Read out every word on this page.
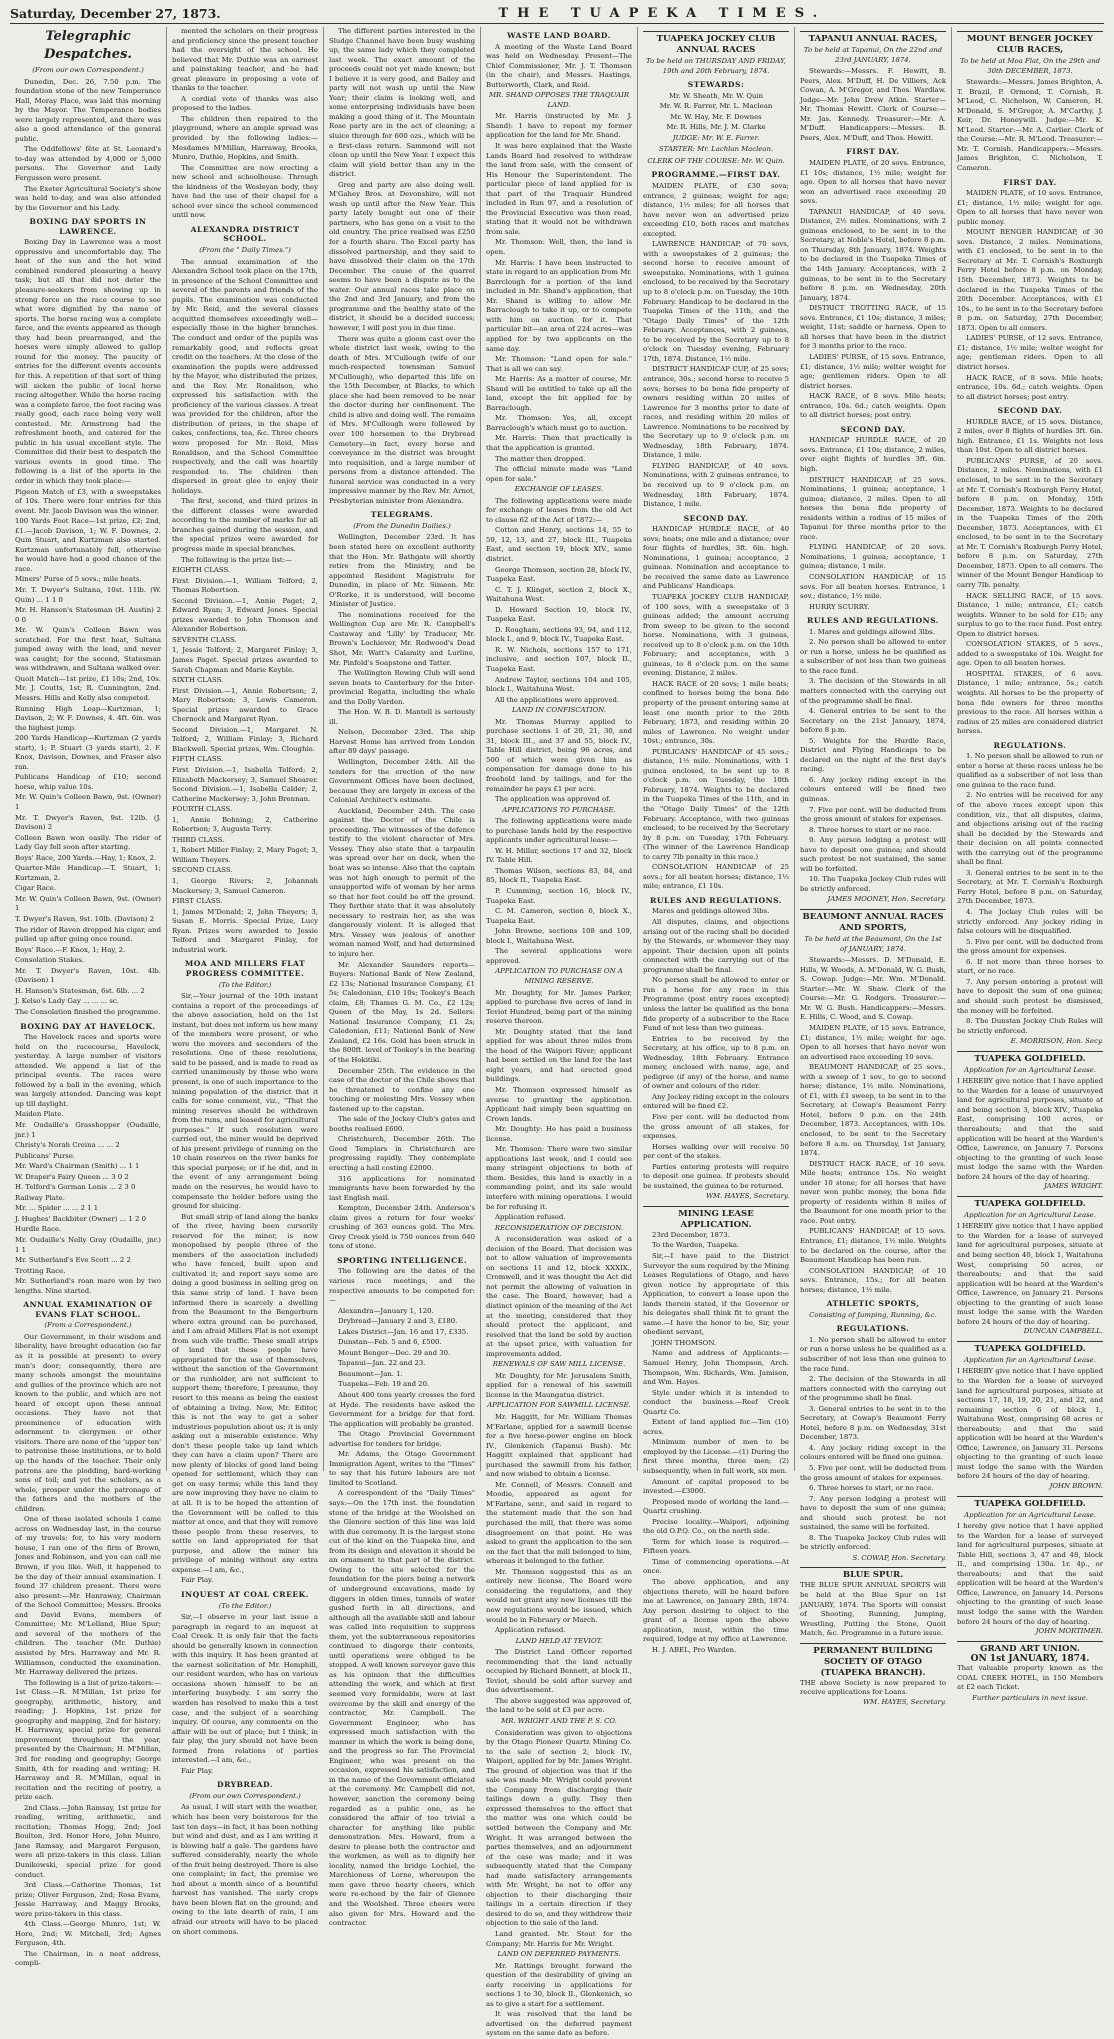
Saturday, December 27, 1873.	THE TUAPEKA TIMES.
Telegraphic Despatches.
(From our own Correspondent.)

Dunedin, Dec. 26, 7.50 p.m. The foundation stone of the new Temperance Hall, Moray Place, was laid this morning by the Mayor. The Temperance bodies were largely represented, and there was also a good attendance of the general public.

The Oddfellows' fête at St. Leonard's to-day was attended by 4,000 or 5,000 persons. The Governor and Lady Fergusson were present.

The Exeter Agricultural Society's show was held to-day, and was also attended by the Governor and his Lady.

BOXING DAY SPORTS IN LAWRENCE.

Boxing Day in Lawrence was a most oppressive and uncomfortable day. The heat of the sun and the hot wind combined rendered pleasuring a heavy task; but all that did not deter the pleasure-seekers from showing up in strong force on the race course to see what were dignified by the name of sports. The horse racing was a complete farce, and the events appeared as though they had been prearranged, and the horses were simply allowed to gallop round for the money. The paucity of entries for the different events accounts for this. A repetition of that sort of thing will sicken the public of local horse racing altogether. While the horse racing was a complete farce, the foot racing was really good, each race being very well contested. Mr. Armstrong had the refreshment booth, and catered for the public in his usual excellent style. The Committee did their best to despatch the various events in good time. The following is a list of the sports in the order in which they took place:—

Pigeon Match of £3, with a sweepstakes of 10s. There were four entries for this event. Mr. Jacob Davison was the winner.

100 Yards Foot Race—1st prize, £2; 2nd, £1.—Jacob Davison, 1; W. F. Downes, 2. Quin Stuart, and Kurtzman also started. Kurtzman unfortunately fell, otherwise he would have had a good chance of the race.

Miners' Purse of 5 sovs.; mile heats.

Mr. T. Dwyer's Sultana, 10st. 11lb. (W. Quin) ... 1 1 0

Mr. H. Hanson's Statesman (H. Austin) 2 0 0

Mr. W. Quin's Colleen Bawn was scratched. For the first heat, Sultana jumped away with the lead, and never was caught; for the second, Statesman was withdrawn, and Sultana walked over.

Quoit Match—1st prize, £1 10s; 2nd, 10s. Mr. J. Coutts, 1st; R. Cunnington, 2nd. Messrs. Hills and Kelly also competed.

Running High Leap—Kurtzman, 1; Davison, 2; W. F. Downes, 4. 4ft. 6in. was the highest jump.

200 Yards Handicap—Kurtzman (2 yards start), 1; P. Stuart (3 yards start), 2. F. Knox, Davison, Downes, and Fraser also ran.

Publicans Handicap of £10; second horse, whip value 10s.

Mr. W. Quin's Colleen Bawn, 9st. (Owner) 1

Mr. T. Dwyer's Raven, 9st. 12lb. (J. Davison) 2

Colleen Bawn won easily. The rider of Lady Gay fell soon after starting.

Boys' Race, 200 Yards.—Hay, 1; Knox, 2.

Quarter-Mile Handicap.—T. Stuart, 1; Kurtzman, 2.

Cigar Race.

Mr. W. Quin's Colleen Bawn, 9st. (Owner) 1

T. Dwyer's Raven, 9st. 10lb. (Davison) 2

The rider of Raven dropped his cigar, and pulled up after going once round.

Boys' Race.—F. Knox, 1; Hay, 2.

Consolation Stakes.

Mr. T. Dwyer's Raven, 10st. 4lb. (Davison) 1

H. Hanson's Statesman, 6st. 6lb. ... 2

J. Kelso's Lady Gay ... ... ... sc.

The Consolation finished the programme.

BOXING DAY AT HAVELOCK.

The Havelock races and sports were held on the racecourse, Havelock, yesterday. A large number of visitors attended. We append a list of the principal events. The races were followed by a ball in the evening, which was largely attended. Dancing was kept up till daylight.

Maiden Plate.

Mr. Oudaille's Grasshopper (Oudaille, jnr.) 1

Christy's Norah Creina ... ... 2

Publicans' Purse.

Mr. Ward's Chairman (Smith) ... 1 1

W. Draper's Fairy Queen ... 3 0 2

H. Telford's Gorman Lonis ... 2 3 0

Railway Plate.

Mr. ... Spider ... ... 2 1 1

J. Hughes' Backbiter (Owner) ... 1 2 0

Hurdle Race.

Mr. Oudaille's Nelly Gray (Oudaille, jnr.) 1 1

Mr. Sutherland's Eve Scott ... 2 2

Trotting Race.

Mr. Sutherland's roan mare won by two lengths. Nine started.

ANNUAL EXAMINATION OF EVANS FLAT SCHOOL.
(From a Correspondent.)

Our Government, in their wisdom and liberality, have brought education (so far as it is possible at present) to every man's door; consequently, there are many schools amongst the mountains and gullies of the province which are not known to the public, and which are not heard of except upon these annual occasions. They have not that preeminence of education with adornment to clergymen or other visitors. There are none of the 'upper ten' to patronise these institutions, or to hold up the hands of the teacher. Their only patrons are the plodding, hard-working sons of toil; and yet the scholars, as a whole, prosper under the patronage of the fathers and the mothers of the children.

One of these isolated schools I came across on Wednesday last, in the course of my travels; for, to his very modern house, I ran one of the firm of Brown, Jones and Robinson, and you can call me Brown, if you like. Well, it happened to be the day of their annual examination. I found 37 children present. There were also present:—Mr. Hanraway, Chairman of the School Committee; Messrs. Brooks and David Evans, members of Committee; Mr. M'Lelland, Blue Spur; and several of the mothers of the children. The teacher (Mr. Duthie) assisted by Mrs. Harraway and Mr. R. Williamson, conducted the examination. Mr. Harraway delivered the prizes.

The following is a list of prize-takers:—1st Class.—R. M'Millan, 1st prize for geography, arithmetic, history, and reading; J. Hopkins, 1st prize for geography and mapping, 2nd for history; H. Harraway, special prize for general improvement throughout the year, presented by the Chairman; H. M'Millan, 3rd for reading and geography; George Smith, 4th for reading and writing; H. Harraway and R. M'Millan, equal in recitation and the reciting of poetry, a prize each.

2nd Class.—John Ramsay, 1st prize for reading, writing, arithmetic, and recitation; Thomas Hogg, 2nd; Joel Boulton, 3rd. Honor Hore, John Munro, Jane Ramsay, and Margaret Ferguson, were all prize-takers in this class. Lilian Dunikowski, special prize for good conduct.

3rd Class.—Catherine Thomas, 1st prize; Oliver Ferguson, 2nd; Rosa Evans, Jessie Harraway, and Maggy Brooks, were prize-takers in this class.

4th Class.—George Munro, 1st; W. Hore, 2nd; W. Mitchell, 3rd; Agnes Ferguson, 4th.

The Chairman, in a neat address, compli-

mented the scholars on their progress and proficiency since the present teacher had the oversight of the school. He believed that Mr. Duthie was an earnest and painstaking teacher, and he had great pleasure in proposing a vote of thanks to the teacher.

A cordial vote of thanks was also proposed to the ladies.

The children then repaired to the playground, where an ample spread was provided by the following ladies:—Mesdames M'Millan, Harraway, Brooks, Munro, Duthie, Hopkins, and Smith.

The Committee are now erecting a new school and schoolhouse. Through the kindness of the Wesleyan body, they have had the use of their chapel for a school ever since the school commenced until now.

ALEXANDRA DISTRICT SCHOOL.
(From the " Daily Times.")

The annual examination of the Alexandra School took place on the 17th, in presence of the School Committee and several of the parents and friends of the pupils. The examination was conducted by Mr. Reid, and the several classes acquitted themselves exceedingly well—especially those in the higher branches. The conduct and order of the pupils was remarkably good, and reflects great credit on the teachers. At the close of the examination the pupils were addressed by the Mayor, who distributed the prizes, and the Rev. Mr. Ronaldson, who expressed his satisfaction with the proficiency of the various classes. A treat was provided for the children, after the distribution of prizes, in the shape of cakes, confections, tea, &c. Three cheers were proposed for Mr. Reid, Miss Ronaldson, and the School Committee respectively, and the call was heartily responded to. The children then dispersed in great glee to enjoy their holidays.

The first, second, and third prizes in the different classes were awarded according to the number of marks for all branches gained during the session, and the special prizes were awarded for progress made in special branches.

The following is the prize list:—

EIGHTH CLASS.

First Division.—1, William Telford; 2, Thomas Robertson.

Second Division.—1, Annie Paget; 2, Edward Ryan; 3, Edward Jones. Special prizes awarded to John Thomson and Alexander Robertson.

SEVENTH CLASS.

1, Jessie Telford; 2, Margaret Finlay; 3, James Paget. Special prizes awarded to Sarah Chapman and Marie Keyble.

SIXTH CLASS.

First Division.—1, Annie Robertson; 2, Mary Robertson; 3, Lewis Cameron. Special prizes awarded to Grace Chernock and Margaret Ryan.

Second Division.—1, Margaret N. Telford; 2, William Finlay; 3, Richard Blackwell. Special prizes, Wm. Cloughie.

FIFTH CLASS.

First Division.—1, Isabella Telford; 2, Elizabeth Mackersey; 3, Samuel Shearer. Second Division.—1, Isabella Calder; 2, Catherine Mackersey; 3, John Brennan.

FOURTH CLASS.

1, Annie Bohning; 2, Catherine Robertson; 3, Augusta Terry.

THIRD CLASS.

1, Robert Miller Finlay; 2, Mary Paget; 3, William Theyers.

SECOND CLASS.

1, George Rivers; 2, Johannah Mackersey; 3, Samuel Cameron.

FIRST CLASS.

1, James M'Donald; 2, John Theyers; 3, Susan E. Morris. Special Prize, Lucy Ryan. Prizes were awarded to Jessie Telford and Margaret Finlay, for industrial work.

MOA AND MILLERS FLAT PROGRESS COMMITTEE.
(To the Editor.)

Sir,—Your journal of the 10th instant contains a report of the proceedings of the above association, held on the 1st instant, but does not inform us how many of the members were present, or who were the movers and seconders of the resolutions. One of these resolutions, said to be passed, and is made to read as carried unanimously by those who were present, is one of such importance to the mining population of the district that it calls for some comment, viz., "That the mining reserves should be withdrawn from the runs, and leased for agricultural purposes." If such resolution were carried out, the miner would be deprived of his present privilege of running on the 10 chain reserves on the river banks for this special purpose; or if he did, and in the event of any arrangement being made on the reserves, he would have to compensate the holder before using the ground for sluicing.

But small strip of land along the banks of the river, having been cursorily reserved for the miner, is now monopolised by people (three of the members of the association included) who have fenced, built upon and cultivated it; and report says some are doing a good business in selling grog on this same strip of land. I have been informed there is scarcely a dwelling from the Beaumont to the Bengerburn where extra ground can be purchased, and I am afraid Millers Flat is not exempt from such vile traffic. These small strips of land that these people have appropriated for the use of themselves, without the sanction of the Government or the runholder, are not sufficient to support them; therefore, I presume, they resort to this means as being the easiest of obtaining a living. Now, Mr. Editor, this is not the way to get a sober industrious population about us; it is only asking out a miserable existence. Why don't these people take up land which they can have a claim upon? There are now plenty of blocks of good land being opened for settlement, which they can get on easy terms; while this land they are now improving they have no claim to at all. It is to be hoped the attention of the Government will be called to this matter at once, and that they will remove these people from these reserves, to settle on land appropriated for that purpose, and allow the miner his privilege of mining without any extra expense.—I am, &c.,

Fair Play.

INQUEST AT COAL CREEK.
(To the Editor.)

Sir,—I observe in your last issue a paragraph in regard to an inquest at Coal Creek. It is only fair that the facts should be generally known in connection with this inquiry. It has been granted at the earnest solicitation of Mr. Hemphill, our resident warden, who has on various occasions shown himself to be an interfering busybody. I am sorry the warden has resolved to make this a test case, and the subject of a searching inquiry. Of course, any comments on the affair will be out of place; but I think, in fair play, the jury should not have been formed from relations of parties interested.—I am, &c.,

Fair Play.

DRYBREAD.
(From our own Correspondent.)

As usual, I will start with the weather, which has been very boisterous for the last ten days—in fact, it has been nothing but wind and dust, and as I am writing it is blowing half a gale. The gardens have suffered considerably, nearly the whole of the fruit being destroyed. There is also one complaint; in fact, the premise we had about a month since of a bountiful harvest has vanished. The early crops have been blown flat on the ground; and owing to the late dearth of rain, I am afraid our streets will have to be placed on short commons.

The different parties interested in the Sludge Channel have been busy washing up, the same lady which they completed last week. The exact amount of the proceeds could not yet made known; but I believe it is very good, and Bailey and party will not wash up until the New Year; their claim is looking well, and some enterprising individuals have been making a good thing of it. The Mountain Rose party are in the act of cleaning; a sluice through for 600 ozs., which will be a first-class return. Sammond will not clean up until the New Year. I expect this claim will yield better than any in the district.

Greg and party are also doing well. M'Gahey Bros. at Devonshire, will not wash up until after the New Year. This party lately bought out one of their partners, who has gone on a visit to the old country. The price realised was £250 for a fourth share. The Excel party has dissolved partnership, and they said to have dissolved their claim on the 17th December. The cause of the quarrel seems to have been a dispute as to the water. Our annual races take place on the 2nd and 3rd January, and from the programme and the healthy state of the district, it should be a decided success; however, I will post you in due time.

There was quite a gloom cast over the whole district last week, owing to the death of Mrs. M'Cullough (wife of our much-respected townsman Samuel M'Cullough), who departed this life on the 15th December, at Blacks, to which place she had been removed to be near the doctor during her confinement. The child is alive and doing well. The remains of Mrs. M'Cullough were followed by over 100 horsemen to the Drybread Cemetery—in fact, every horse and conveyance in the district was brought into requisition, and a large number of persons from a distance attended. The funeral service was conducted in a very impressive manner by the Rev. Mr. Arnot, Presbyterian minister from Alexandra.

TELEGRAMS.
(From the Dunedin Dailies.)

Wellington, December 23rd. It has been stated here on excellent authority that the Hon. Mr. Bathgate will shortly retire from the Ministry, and be appointed Resident Magistrate for Dunedin, in place of Mr. Simeon. Mr. O'Rorke, it is understood, will become Minister of Justice.

The nominations received for the Wellington Cup are Mr. R. Campbell's Castaway and 'Lilly' by Traducer, Mr. Brown's Lochiever, Mr. Redwood's Dead Shot, Mr. Watt's Calamity and Lurline, Mr. Pinfold's Soapstone and Tatter.

The Wellington Rowing Club will send seven boats to Canterbury for the Inter-provincial Regatta, including the whale and the Dolly Varden.

The Hon. W. B. D. Mantell is seriously ill.

Nelson, December 23rd. The ship Harvest Home has arrived from London after 89 days' passage.

Wellington, December 24th. All the tenders for the erection of the new Government Offices have been declined, because they are largely in excess of the Colonial Architect's estimate.

Auckland, December 24th. The case against the Doctor of the Chile is proceeding. The witnesses of the defence testify to the violent character of Mrs. Vessey. They also state that a tarpaulin was spread over her on deck, when the boat was so intense. Also that the captain was not high enough to permit of the unsupported wife of woman by her arms so that her feet could be off the ground. They further state that it was absolutely necessary to restrain her, as she was dangerously violent. It is alleged that Mrs. Vessey was jealous of another woman named Wolf, and had determined to injure her.

Mr. Alexander Saunders reports—Buyers: National Bank of New Zealand, £2 13s; National Insurance Company, £1 5s; Caledonian, £10 10s; Tookey's Beach claim, £8; Thames G. M. Co., £2 12s; Queen of the May, 1s 2d. Sellers: National Insurance Company, £1 2s; Caledonian, £11; National Bank of New Zealand, £2 16s. Gold has been struck in the 800ft. level of Tookey's in the bearing of the Hokitiki.

December 25th. The evidence in the case of the doctor of the Chile shows that he threatened to confine any one touching or molesting Mrs. Vessey when fastened up to the capstan.

The sale of the Jockey Club's gates and booths realised £600.

Christchurch, December 26th. The Good Templars in Christchurch are progressing rapidly. They contemplate erecting a hall costing £2000.

316 applications for nominated immigrants have been forwarded by the last English mail.

Kempton, December 24th. Anderson's claim gives a return for four weeks' crushing of 363 ounces gold. The Mrs. Grey Creek yield is 750 ounces from 640 tons of stone.

SPORTING INTELLIGENCE.

The following are the dates of the various race meetings, and the respective amounts to be competed for:—

Alexandra—January 1, 120.

Drybread—January 2 and 3, £180.

Lakes District—Jan. 16 and 17, £335.

Dunstan—Feb. 5 and 6, £500.

Mount Benger—Dec. 29 and 30.

Tapanui—Jan. 22 and 23.

Beaumont—Jan. 1.

Tuapeka—Feb. 19 and 20.

About 400 tons yearly crosses the ford at Hyde. The residents have asked the Government for a bridge for that ford. The application will probably be granted.

The Otago Provincial Government advertise for tenders for bridge.

Mr. Adams, the Otago Government Immigration Agent, writes to the "Times" to say that his future labours are not limited to Scotland.

A correspondent of the "Daily Times" says:—On the 17th inst. the foundation stone of the bridge at the Woolshed on the Glenore section of this line was laid with due ceremony. It is the largest stone cut of the kind on the Tuapeka line, and from its design and elevation it should be an ornament to that part of the district. Owing to the site selected for the foundation for the piers being a network of underground excavations, made by diggers in olden times, tunnels of water gushed forth in all directions, and although all the available skill and labour was called into requisition to suppress them, yet the subterraneous repositories continued to disgorge their contents, until operations were obliged to be stopped. A well known surveyor gave this as his opinion that the difficulties attending the work, and which at first seemed very formidable, were at last overcome by the skill and energy of the contractor, Mr. Campbell. The Government Engineer, who has expressed much satisfaction with the manner in which the work is being done, and the progress so far. The Provincial Engineer, who was present on the occasion, expressed his satisfaction, and in the name of the Government officiated at the ceremony. Mr. Campbell did not, however, sanction the ceremony being regarded as a public one, as he considered the affair of too trivial a character for anything like public demonstration. Mrs. Howard, from a desire to please both the contractor and the workmen, as well as to dignify her locality, named the bridge Lochiel, the Marchioness of Lorne, whereupon the men gave three hearty cheers, which were re-echoed by the fair of Glenore and the Woolshed. Three cheers were also given for Mrs. Howard and the contractor.

WASTE LAND BOARD.

A meeting of the Waste Land Board was held on Wednesday. Present—The Chief Commissioner, Mr. J. T. Thomson (in the chair), and Messrs. Hastings, Butterworth, Clark, and Reid.

MR. SHAND OPPOSES THE TRAQUAIR LAND.

Mr. Harris (instructed by Mr. J. Shand): I have to repeat my former application for the land for Mr. Shand.

It was here explained that the Waste Lands Board had resolved to withdraw the land from sale, with the consent of His Honour the Superintendent. The particular piece of land applied for is that part of the Traquair Hundred included in Run 97, and a resolution of the Provincial Executive was then read, stating that it would not be withdrawn from sale.

Mr. Thomson: Well, then, the land is open.

Mr. Harris: I have been instructed to state in regard to an application from Mr. Barrclough for a portion of the land included in Mr. Shand's application, that Mr. Shand is willing to allow Mr. Barraclough to take it up, or to compete with him on auction for it. That particular bit—an area of 224 acres—was applied for by two applicants on the same day.

Mr. Thomson: "Land open for sale." That is all we can say.

Mr. Harris: As a matter of course, Mr. Shand will be entitled to take up all the land, except the bit applied for by Barraclough.

Mr. Thomson: Yes, all, except Barraclough's which must go to auction.

Mr. Harris: Then that practically is that the application is granted.

The matter then dropped.

The official minute made was "Land open for sale."

EXCHANGE OF LEASES.

The following applications were made for exchange of leases from the old Act to clause 62 of the Act of 1872:—

Cotton and Henry, sections 14, 55 to 59, 12, 13, and 27, block III., Tuapeka East, and section 19, block XIV., same district.

George Thomson, section 28, block IV., Tuapeka East.

C. T. J. Klinget, section 2, block X., Waitahuna West.

D. Howard Section 10, block IV., Tuapeka East.

D. Rougham, sections 93, 94, and 112, block I., and 9, block IV., Tuapeka East.

R. W. Nichols, sections 157 to 171, inclusive, and section 107, block II., Tuapeka East.

Andrew Taylor, sections 104 and 105, block I., Waitahuna West.

All the applications were approved.

LAND IN CONFISCATION.

Mr. Thomas Murray applied to purchase sections 1 of 20, 21, 30, and 31, block III., and 37 and 55, block IV., Table Hill district, being 96 acres, and 500 of which were given him as compensation for damage done to his freehold land by tailings, and for the remainder he pays £1 per acre.

The application was approved of.

APPLICATIONS TO PURCHASE.

The following applications were made to purchase lands held by the respective applicants under agricultural lease:—

W. H. Millar, sections 17 and 32, block IV. Table Hill.

Thomas Wilson, sections 83, 84, and 85, block II., Tuapeka East.

P. Cumming, section 16, block IV., Tuapeka East.

C. M. Cameron, section 6, block X., Tuapeka East.

John Browne, sections 108 and 109, block I., Waitahuna West.

The several applications were approved.

APPLICATION TO PURCHASE ON A MINING RESERVE.

Mr. Doughty, for Mr. James Parker, applied to purchase five acres of land in Teviot Hundred, being part of the mining reserve thereon.

Mr. Doughty stated that the land applied for was about three miles from the head of the Waipori River; applicant had been settled on the land for the last eight years, and had erected good buildings.

Mr. Thomson expressed himself as averse to granting the application. Applicant had simply been squatting on Crown lands.

Mr. Doughty: He has paid a business license.

Mr. Thomson: There were two similar applications last week, and I could see many stringent objections to both of them. Besides, this land is exactly in a commanding point, and its sale would interfere with mining operations. I would be for refusing it.

Application refused.

RECONSIDERATION OF DECISION.

A reconsideration was asked of a decision of the Board. That decision was not to allow valuation of improvements on sections 11 and 12, block XXXIX., Cromwell, and it was thought the Act did not permit the allowing of valuation in the case. The Board, however, had a distinct opinion of the meaning of the Act at the meeting, considered that they should protect the applicant, and resolved that the land be sold by auction at the upset price, with valuation for improvements added.

RENEWALS OF SAW MILL LICENSE.

Mr. Doughty, for Mr. Jerusalem Smith, applied for a renewal of his sawmill license in the Maungatua district.

APPLICATION FOR SAWMILL LICENSE.

Mr. Haggitt, for Mr. William Thomas M'Farlane, applied for a sawmill license for a five horse-power engine on block IV., Glenkenich (Tapanui Bush). Mr. Haggitt explained that applicant had purchased the sawmill from his father, and now wished to obtain a license.

Mr. Connell, of Messrs. Connell and Moodie, appeared as agent for M'Farlane, senr., and said in regard to the statement made that the son had purchased the mill, that there was some disagreement on that point. He was asked to grant the application to the son on the fact that the mill belonged to him, whereas it belonged to the father.

Mr. Thomson suggested this as an entirely new license. The Board were considering the regulations, and they would not grant any new licenses till the new regulations would be issued, which would be in February or March.

Application refused.

LAND HELD AT TEVIOT.

The District Land Officer reported recommending that the land actually occupied by Richard Bennett, at block II., Teviot, should be sold after survey and due advertisement.

The above suggested was approved of, the land to be sold at £3 per acre.

MR. WRIGHT AND THE P. S. CO.

Consideration was given to objections by the Otago Pioneer Quartz Mining Co. to the sale of section 2, block IV., Waipori, applied for by Mr. James Wright. The ground of objection was that if the sale was made Mr. Wright could prevent the Company from discharging their tailings down a gully. They then expressed themselves to the effect that the matter was one which could be settled between the Company and Mr. Wright. It was arranged between the parties themselves, and an adjournment of the case was made; and it was subsequently stated that the Company had made satisfactory arrangements with Mr. Wright, he not to offer any objection to their discharging their tailings in a certain direction if they desired to do so, and they withdrew their objection to the sale of the land.

Land granted. Mr. Stout for the Company; Mr. Harris for Mr. Wright.

LAND ON DEFERRED PAYMENTS.

Mr. Rattings brought forward the question of the desirability of giving an early receiving in applications for sections 1 to 30, block II., Glenkenich, so as to give a start for a settlement.

It was resolved that the land be advertised on the deferred payment system on the same date as before.

TUAPEKA JOCKEY CLUB ANNUAL RACES
To be held on THURSDAY AND FRIDAY, 19th and 20th February, 1874.
STEWARDS:

Mr. W. Sheath, Mr. W. Quin

Mr. W. R. Farrer, Mr. L. Maclean

Mr. W. Hay, Mr. F. Downes

Mr. R. Hills, Mr. J. M. Clarke

JUDGE: Mr. W. E. Farrer.
STARTER: Mr. Lachlan Maclean.
CLERK OF THE COURSE: Mr. W. Quin.
PROGRAMME.—FIRST DAY.

MAIDEN PLATE, of £30 sova; entrance, 2 guineas; weight for age; distance, 1½ miles; for all horses that have never won an advertised prize exceeding £10, both races and matches excepted.

LAWRENCE HANDICAP, of 70 sovs, with a sweepstakes of 2 guineas; the second horse to receive amount of sweepstake. Nominations, with 1 guinea enclosed, to be received by the Secretary up to 8 o'clock p.m. on Tuesday, the 10th February. Handicap to be declared in the Tuapeka Times of the 11th, and the "Otago Daily Times" of the 12th February. Acceptances, with 2 guineas, to be received by the Secretary up to 8 o'clock on Tuesday evening, February 17th, 1874. Distance, 1½ mile.

DISTRICT HANDICAP CUP, of 25 sovs; entrance, 30s.; second horse to receive 5 sovs; horses to be bona fide property of owners residing within 20 miles of Lawrence for 3 months prior to date of races, and residing within 20 miles of Lawrence. Nominations to be received by the Secretary up to 9 o'clock p.m. on Wednesday, 18th February, 1874. Distance, 1 mile.

FLYING HANDICAP, of 40 sovs. Nominations, with 2 guineas entrance, to be received up to 9 o'clock p.m. on Wednesday, 18th February, 1874. Distance, 1 mile.

SECOND DAY.

HANDICAP HURDLE RACE, of 40 sovs; heats; one mile and a distance; over four flights of hurdles, 3ft. 6in. high. Nominations, 1 guinea; acceptance, 2 guineas. Nomination and acceptance to be received the same date as Lawrence and Publicans' Handicaps.

TUAPEKA JOCKEY CLUB HANDICAP, of 100 sovs, with a sweepstake of 3 guineas added; the amount accruing from sweep to be given to the second horse. Nominations, with 3 guineas, received up to 8 o'clock p.m. on the 10th February; and acceptance, with 3 guineas, to 8 o'clock p.m. on the same evening. Distance, 2 miles.

HACK RACE of 20 sovs; 1 mile heats; confined to horses being the bona fide property of the present entering same at least one month prior to the 20th February, 1873, and residing within 20 miles of Lawrence. No weight under 10st.; entrance, 30s.

PUBLICANS' HANDICAP of 45 sovs.; distance, 1½ mile. Nominations, with 1 guinea enclosed, to be sent up to 8 o'clock p.m. on Tuesday, the 10th February, 1874. Weights to be declared in the Tuapeka Times of the 11th, and in the "Otago Daily Times" of the 12th February. Acceptance, with two guineas enclosed, to be received by the Secretary by 8 p.m. on Tuesday, 17th February. (The winner of the Lawrence Handicap to carry 7lb penalty in this race.)

CONSOLATION HANDICAP of 25 sovs.; for all beaten horses; distance, 1½ mile; entrance, £1 10s.

RULES AND REGULATIONS.

Mares and geldings allowed 3lbs.

All disputes, claims, and objections arising out of the racing shall be decided by the Stewards, or whomever they may appoint. Their decision upon all points connected with the carrying out of the programme shall be final.

No person shall be allowed to enter or run a horse for any race in this Programme (post entry races excepted) unless the latter be qualified as the bona fide property of a subscriber to the Race Fund of not less than two guineas.

Entries to be received by the Secretary, at his office, up to 8 p.m. on Wednesday, 18th February. Entrance money, enclosed with name, age, and pedigree (if any) of the horse, and name of owner and colours of the rider.

Any Jockey riding except in the colours entered will be fined £2.

Five per cent. will be deducted from the gross amount of all stakes, for expenses.

Horses walking over will receive 50 per cent of the stakes.

Parties entering protests will require to deposit one guinea. If protests should be sustained, the guinea to be returned.

WM. HAYES, Secretary.
MINING LEASE APPLICATION.

23rd December, 1873.

To the Warden, Tuapeka.

Sir,—I have paid to the District Surveyor the sum required by the Mining Leases Regulations of Otago, and have given notice by appropriate of this Application, to convert a lease upon the lands therein stated, if the Governor or his delegates shall think fit to grant the same.—I have the honor to be, Sir, your obedient servant,

JOHN THOMSON.

Name and address of Applicants:—Samuel Henry, John Thompson, Arch. Thompson, Wm. Richards, Wm. Jamison, and Wm. Hayes.

Style under which it is intended to conduct the business.—Reef Creek Quartz Co.

Extent of land applied for.—Ten (10) acres.

Minimum number of men to be employed by the License.—(1) During the first three months, three men; (2) subsequently, when in full work, six men.

Amount of capital proposed to be invested.—£3000.

Proposed mode of working the land.—Quartz crushing.

Precise locality.—Waipori, adjoining the old O.P.Q. Co., on the north side.

Term for which lease is required.—Fifteen years.

Time of commencing operations.—At once.

The above application, and any objections thereto, will be heard before me at Lawrence, on January 28th, 1874. Any person desiring to object to the grant of a license upon the above application, must, within the time required, lodge at my office at Lawrence.

H. J. ABEL, Pro Warden.

TAPANUI ANNUAL RACES,
To be held at Tapanui, On the 22nd and 23rd JANUARY, 1874.

Stewards:—Messrs. F. Hewitt, B. Peers, Alex. M'Duff, H. De Villiers, Ack Cowan, A. M'Gregor, and Thos. Wardlaw. Judge—Mr. John Drew Atkin. Starter—Mr. Thomas Hewitt. Clerk of Course:—Mr. Jas. Kennedy. Treasurer:—Mr. A. M'Duff. Handicappers:—Messrs. B. Peers, Alex. M'Duff, and Thos. Hewitt.

FIRST DAY.

MAIDEN PLATE, of 20 sovs. Entrance, £1 10s; distance, 1½ mile; weight for age. Open to all horses that have never won an advertised race exceeding 20 sovs.

TAPANUI HANDICAP, of 40 sovs. Distance, 2½ miles. Nominations, with 2 guineas enclosed, to be sent in to the Secretary, at Noble's Hotel, before 8 p.m. on Thursday, 8th January, 1874. Weights to be declared in the Tuapeka Times of the 14th January. Acceptances, with 2 guineas, to be sent in to the Secretary before 8 p.m. on Wednesday, 20th January, 1874.

DISTRICT TROTTING RACE, of 15 sovs. Entrance, £1 10s; distance, 3 miles; weight, 11st; saddle or harness. Open to all horses that have been in the district for 3 months prior to the race.

LADIES' PURSE, of 15 sovs. Entrance, £1; distance, 1½ mile; welter weight for age; gentlemen riders. Open to all district horses.

HACK RACE, of 8 sovs. Mile heats; entrance, 10s. 6d.; catch weights. Open to all district horses; post entry.

SECOND DAY.

HANDICAP HURDLE RACE, of 20 sovs. Entrance, £1 10s; distance, 2 miles, over eight flights of hurdles 3ft. 6in. high.

DISTRICT HANDICAP, of 25 sovs. Nominations, 1 guinea; acceptance, 1 guinea; distance, 2 miles. Open to all horses the bona fide property of residents within a radius of 15 miles of Tapanui for three months prior to the race.

FLYING HANDICAP, of 20 sovs. Nominations, 1 guinea; acceptance, 1 guinea; distance, 1 mile.

CONSOLATION HANDICAP, of 15 sovs. For all beaten horses. Entrance, 1 sov.; distance, 1½ mile.

HURRY SCURRY.

RULES AND REGULATIONS.

1. Mares and geldings allowed 3lbs.

2. No person shall be allowed to enter or run a horse, unless he be qualified as a subscriber of not less than two guineas to the race fund.

3. The decision of the Stewards in all matters connected with the carrying out of the programme shall be final.

4. General entries to be sent to the Secretary on the 21st January, 1874, before 8 p.m.

5. Weights for the Hurdle Race, District and Flying Handicaps to be declared on the night of the first day's racing.

6. Any jockey riding except in the colours entered will be fined two guineas.

7. Five per cent. will be deducted from the gross amount of stakes for expenses.

8. Three horses to start or no race.

9. Any person lodging a protest will have to deposit one guinea; and should such protest be not sustained, the same will be forfeited.

10. The Tuapeka Jockey Club rules will be strictly enforced.

JAMES MOONEY, Hon. Secretary.
BEAUMONT ANNUAL RACES AND SPORTS,
To be held at the Beaumont, On the 1st of JANUARY, 1874.

Stewards:—Messrs. D. M'Donald, E. Hills, W. Woods, A. M'Donald, W. G. Bush, S. Cowap. Judge:—Mr. Wm. M'Donald. Starter:—Mr. W. Shaw. Clerk of the Course:—Mr. G. Rodgers. Treasurer:—Mr. W. G. Bush. Handicappers:—Messrs. E. Hills, C. Wood, and S. Cowap.

MAIDEN PLATE, of 15 sovs. Entrance, £1; distance, 1½ mile; weight for age. Open to all horses that have never won an advertised race exceeding 10 sovs.

BEAUMONT HANDICAP, of 25 sovs., with a sweep of 1 sov., to go to second horse; distance, 1½ mile. Nominations, of £1, with £1 sweep, to be sent in to the Secretary, at Cowap's Beaumont Ferry Hotel, before 9 p.m. on the 24th December, 1873. Acceptances, with 10s. enclosed, to be sent to the Secretary before 8 a.m. on Thursday, 1st January, 1874.

DISTRICT HACK RACE, of 10 sovs. Mile heats; entrance 15s. No weight under 10 stone; for all horses that have never won public money, the bona fide property of residents within 8 miles of the Beaumont for one month prior to the race. Post entry.

PUBLICANS' HANDICAP, of 15 sovs. Entrance, £1; distance, 1½ mile. Weights to be declared on the course, after the Beaumont Handicap has been run.

CONSOLATION HANDICAP, of 10 sovs. Entrance, 15s.; for all beaten horses; distance, 1½ mile.

ATHLETIC SPORTS,
Consisting of Jumping, Running, &c.
REGULATIONS.

1. No person shall be allowed to enter or run a horse unless he be qualified as a subscriber of not less than one guinea to the race fund.

2. The decision of the Stewards in all matters connected with the carrying out of the programme shall be final.

3. General entries to be sent in to the Secretary, at Cowap's Beaumont Ferry Hotel, before 8 p.m. on Wednesday, 31st December, 1873.

4. Any jockey riding except in the colours entered will be fined one guinea.

5. Five per cent. will be deducted from the gross amount of stakes for expenses.

6. Three horses to start, or no race.

7. Any person lodging a protest will have to deposit the sum of one guinea; and should such protest be not sustained, the same will be forfeited.

8. The Tuapeka Jockey Club rules will be strictly enforced.

S. COWAP, Hon. Secretary.
BLUE SPUR.
THE BLUE SPUR ANNUAL SPORTS will be held at the Blue Spur on 1st JANUARY, 1874. The Sports will consist of Shooting, Running, Jumping, Wrestling, Putting the Stone, Quoit Match, &c. Programme in a future issue.
PERMANENT BUILDING SOCIETY OF OTAGO (TUAPEKA BRANCH).
THE above Society is now prepared to receive applications for Loans.
WM. HAYES, Secretary.
MOUNT BENGER JOCKEY CLUB RACES,
To be held at Moa Flat, On the 29th and 30th DECEMBER, 1873.

Stewards:—Messrs. James Brighton, A. T. Brazil, P. Ormond, T. Cornish, R. M'Leod, C. Nicholson, W. Cameron, H. M'Donald, S. M'Gregor, A. M'Carthy, J. Keir, Dr. Honeywill. Judge:—Mr. K. M'Leod. Starter:—Mr. A. Carlier. Clerk of the Course:—Mr. R. M'Leod. Treasurer:—Mr. T. Cornish. Handicappers:—Messrs. James Brighton, C. Nicholson, T. Cameron.

FIRST DAY.

MAIDEN PLATE, of 10 sovs. Entrance, £1; distance, 1½ mile; weight for age. Open to all horses that have never won public money.

MOUNT BENGER HANDICAP, of 30 sovs. Distance, 2 miles. Nominations, with £1 enclosed, to be sent in to the Secretary at Mr. T. Cornish's Roxburgh Ferry Hotel before 8 p.m. on Monday, 15th December, 1873. Weights to be declared in the Tuapeka Times of the 20th December. Acceptances, with £1 10s., to be sent in to the Secretary before 8 p.m. on Saturday, 27th December, 1873. Open to all comers.

LADIES' PURSE, of 12 sovs. Entrance, £1; distance, 1½ mile; welter weight for age; gentleman riders. Open to all district horses.

HACK RACE, of 8 sovs. Mile heats; entrance, 10s. 6d.; catch weights. Open to all district horses; post entry.

SECOND DAY.

HURDLE RACE, of 15 sovs. Distance, 2 miles, over 8 flights of hurdles 3ft. 6in. high. Entrance, £1 1s. Weights not less than 10st. Open to all district horses.

PUBLICANS' PURSE, of 20 sovs. Distance, 2 miles. Nominations, with £1 enclosed, to be sent in to the Secretary at Mr. T. Cornish's Roxburgh Ferry Hotel, before 8 p.m. on Monday, 15th December, 1873. Weights to be declared in the Tuapeka Times of the 20th December, 1873. Acceptances, with £1 enclosed, to be sent in to the Secretary at Mr. T. Cornish's Roxburgh Ferry Hotel, before 8 p.m. on Saturday, 27th December, 1873. Open to all comers. The winner of the Mount Benger Handicap to carry 7lb. penalty.

HACK SELLING RACE, of 15 sovs. Distance, 1 mile; entrance, £1; catch weights. Winner to be sold for £15; any surplus to go to the race fund. Post entry. Open to district horses.

CONSOLATION STAKES, of 5 sovs., added to a sweepstake of 10s. Weight for age. Open to all beaten horses.

HOSPITAL STAKES, of 6 sovs. Distance, 1 mile; entrance, 5s.; catch weights. All horses to be the property of bona fide owners for three months previous to the race. All horses within a radius of 25 miles are considered district horses.

REGULATIONS.

1. No person shall be allowed to run or enter a horse at these races unless he be qualified as a subscriber of not less than one guinea to the race fund.

2. No entries will be received for any of the above races except upon this condition, viz., that all disputes, claims, and objections arising out of the racing shall be decided by the Stewards and their decision on all points connected with the carrying out of the programme shall be final.

3. General entries to be sent in to the Secretary, at Mr. T. Cornish's Roxburgh Ferry Hotel, before 8 p.m. on Saturday, 27th December, 1873.

4. The Jockey Club rules will be strictly enforced. Any jockey riding in false colours will be disqualified.

5. Five per cent. will be deducted from the gross amount for expenses.

6. If not more than three horses to start, or no race.

7. Any person entering a protest will have to deposit the sum of one guinea; and should such protest be dismissed, the money will be forfeited.

8. The Dunstan Jockey Club Rules will be strictly enforced.

E. MORRISON, Hon. Secy.
TUAPEKA GOLDFIELD.
Application for an Agricultural Lease.
I HEREBY give notice that I have applied to the Warden for a lease of unsurveyed land for agricultural purposes, situate at and being section 3, block XIV., Tuapeka East, comprising 100 acres, or thereabouts; and that the said application will be heard at the Warden's Office, Lawrence, on January 7. Persons objecting to the granting of such lease must lodge the same with the Warden before 24 hours of the day of hearing.
JAMES WRIGHT.
TUAPEKA GOLDFIELD.
Application for an Agricultural Lease.
I HEREBY give notice that I have applied to the Warden for a lease of surveyed land for agricultural purposes, situate at and being section 40, block 1, Waitahuna West, comprising 50 acres, or thereabouts; and that the said application will be heard at the Warden's Office, Lawrence, on January 21. Persons objecting to the granting of such lease must lodge the same with the Warden before 24 hours of the day of hearing.
DUNCAN CAMPBELL.
TUAPEKA GOLDFIELD.
Application for an Agricultural Lease.
I HEREBY give notice that I have applied to the Warden for a lease of surveyed land for agricultural purposes, situate at sections 17, 18, 19, 20, 21, and 22, and remaining section 6 of block I., Waitahuna West, comprising 68 acres or thereabouts; and that the said application will be heard at the Warden's Office, Lawrence, on January 31. Persons objecting to the granting of such lease must lodge the same with the Warden before 24 hours of the day of hearing.
JOHN BROWN.
TUAPEKA GOLDFIELD.
Application for an Agricultural Lease.
I hereby give notice that I have applied to the Warden for a lease of surveyed land for agricultural purposes, situate at Table Hill, sections 3, 47 and 48, block II., and comprising 130a. 1r. 4p., or thereabouts; and that the said application will be heard at the Warden's Office, Lawrence, on January 14. Persons objecting to the granting of such lease must lodge the same with the Warden before 24 hours of the day of hearing.
JOHN MORTIMER.
GRAND ART UNION.
ON 1st JANUARY, 1874.
That valuable property known as the COAL CREEK HOTEL, in 150 Members at £2 each Ticket.
Further particulars in next issue.
